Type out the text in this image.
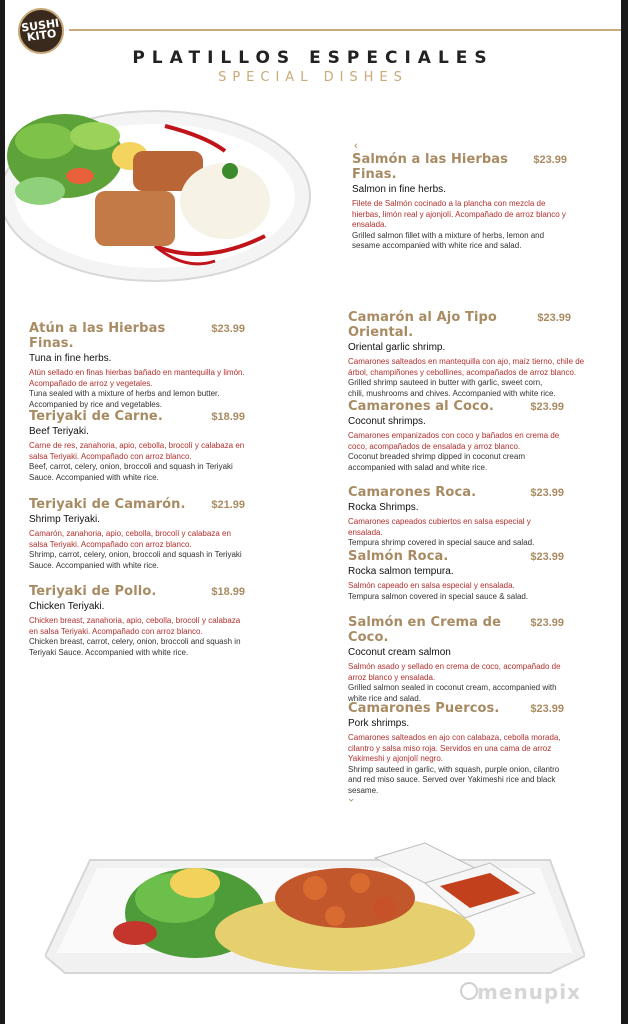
SUSHI
KITO
PLATILLOS ESPECIALES
SPECIAL DISHES
‹
Salmón a las Hierbas Finas.
$23.99
Salmon in fine herbs.
Filete de Salmón cocinado a la plancha con mezcla de hierbas, limón real y ajonjolí. Acompañado de arroz blanco y ensalada.
Grilled salmon fillet with a mixture of herbs, lemon and sesame accompanied with white rice and salad.
Atún a las Hierbas Finas.
$23.99
Tuna in fine herbs.
Atún sellado en finas hierbas bañado en mantequilla y limón. Acompañado de arroz y vegetales.
Tuna sealed with a mixture of herbs and lemon butter. Accompanied by rice and vegetables.
Teriyaki de Carne.	$18.99
Beef Teriyaki.
Carne de res, zanahoria, apio, cebolla, brocolí y calabaza en salsa Teriyaki. Acompañado con arroz blanco.
Beef, carrot, celery, onion, broccoli and squash in Teriyaki Sauce. Accompanied with white rice.
Teriyaki de Camarón. $21.99
Shrimp Teriyaki.
Camarón, zanahoria, apio, cebolla, brocolí y calabaza en salsa Teriyaki. Acompañado con arroz blanco.
Shrimp, carrot, celery, onion, broccoli and squash in Teriyaki Sauce. Accompanied with white rice.
Teriyaki de Pollo.	$18.99
Chicken Teriyaki.
Chicken breast, zanahoria, apio, cebolla, brocolí y calabaza en salsa Teriyaki. Acompañado con arroz blanco.
Chicken breast, carrot, celery, onion, broccoli and squash in Teriyaki Sauce. Accompanied with white rice.
Camarón al Ajo Tipo Oriental.
$23.99
Oriental garlic shrimp.
Camarones salteados en mantequilla con ajo, maíz tierno, chile de árbol, champiñones y cebollines, acompañados de arroz blanco.
Grilled shrimp sauteed in butter with garlic, sweet corn, chili, mushrooms and chives. Accompanied with white rice.
Camarones al Coco.	$23.99
Coconut shrimps.
Camarones empanizados con coco y bañados en crema de coco, acompañados de ensalada y arroz blanco.
Coconut breaded shrimp dipped in coconut cream accompanied with salad and white rice.
Camarones Roca.	$23.99
Rocka Shrimps.
Camarones capeados cubiertos en salsa especial y ensalada.
Tempura shrimp covered in special sauce and salad.
Salmón Roca.	$23.99
Rocka salmon tempura.
Salmón capeado en salsa especial y ensalada.
Tempura salmon covered in special sauce & salad.
Salmón en Crema de Coco.
$23.99
Coconut cream salmon
Salmón asado y sellado en crema de coco, acompañado de arroz blanco y ensalada.
Grilled salmon sealed in coconut cream, accompanied with white rice and salad.
Camarones Puercos.	$23.99
Pork shrimps.
Camarones salteados en ajo con calabaza, cebolla morada, cilantro y salsa miso roja. Servidos en una cama de arroz Yakimeshi y ajonjolí negro.
Shrimp sauteed in garlic, with squash, purple onion, cilantro and red miso sauce. Served over Yakimeshi rice and black sesame.
›
menupix
